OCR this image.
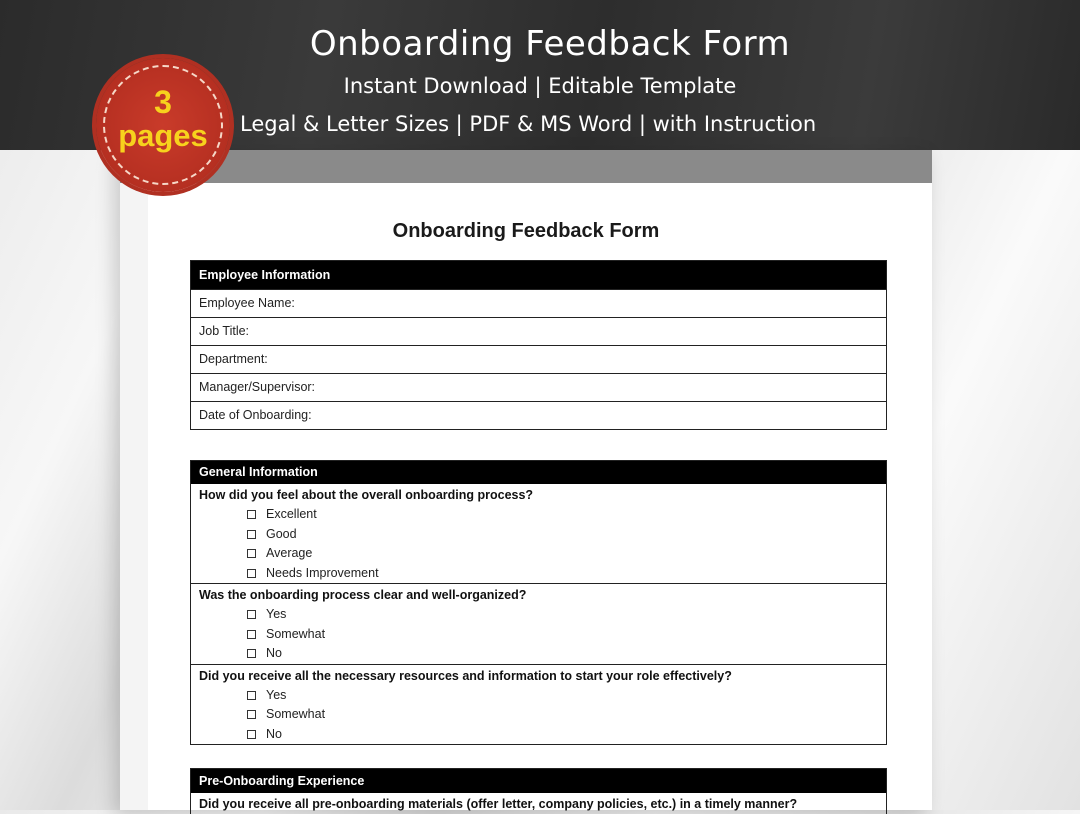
Onboarding Feedback Form
Instant Download | Editable Template
Legal & Letter Sizes | PDF & MS Word | with Instruction
Onboarding Feedback Form
Employee Information
Employee Name:
Job Title:
Department:
Manager/Supervisor:
Date of Onboarding:
General Information
How did you feel about the overall onboarding process?
Excellent
Good
Average
Needs Improvement
Was the onboarding process clear and well-organized?
Yes
Somewhat
No
Did you receive all the necessary resources and information to start your role effectively?
Yes
Somewhat
No
Pre-Onboarding Experience
Did you receive all pre-onboarding materials (offer letter, company policies, etc.) in a timely manner?
3
pages
